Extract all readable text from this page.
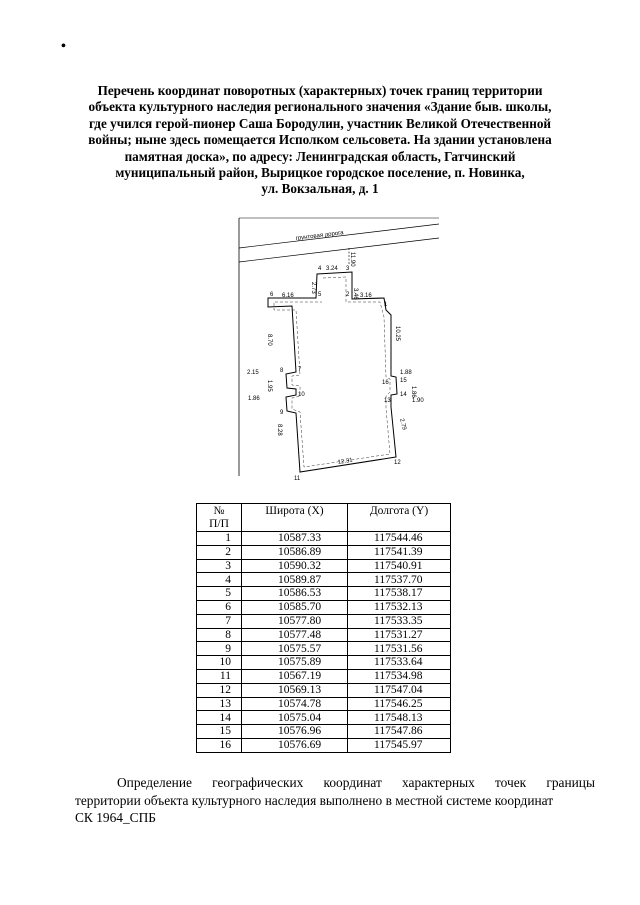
•
Перечень координат поворотных (характерных) точек границ территории
объекта культурного наследия регионального значения «Здание быв. школы,
где учился герой-пионер Саша Бородулин, участник Великой Отечественной
войны; ныне здесь помещается Исполком сельсовета. На здании установлена
памятная доска», по адресу: Ленинградская область, Гатчинский
муниципальный район, Вырицкое городское поселение, п. Новинка,
ул. Вокзальная, д. 1
грунтовая дорога
3.24
3.46
11.90
2.73
6.16	3.16
8.70	10.25
2.15
1.86
1.88
1.86
1.95
1.90
8.28	2.79
12.31
1
2
3
4
5
6
7
8
9
10
11
12
13
14
15
16
№
П/П	Широта (X)	Долгота (Y)
1	10587.33	117544.46
2	10586.89	117541.39
3	10590.32	117540.91
4	10589.87	117537.70
5	10586.53	117538.17
6	10585.70	117532.13
7	10577.80	117533.35
8	10577.48	117531.27
9	10575.57	117531.56
10	10575.89	117533.64
11	10567.19	117534.98
12	10569.13	117547.04
13	10574.78	117546.25
14	10575.04	117548.13
15	10576.96	117547.86
16	10576.69	117545.97
Определение географических координат характерных точек границы
территории объекта культурного наследия выполнено в местной системе координат
СК 1964_СПБ
